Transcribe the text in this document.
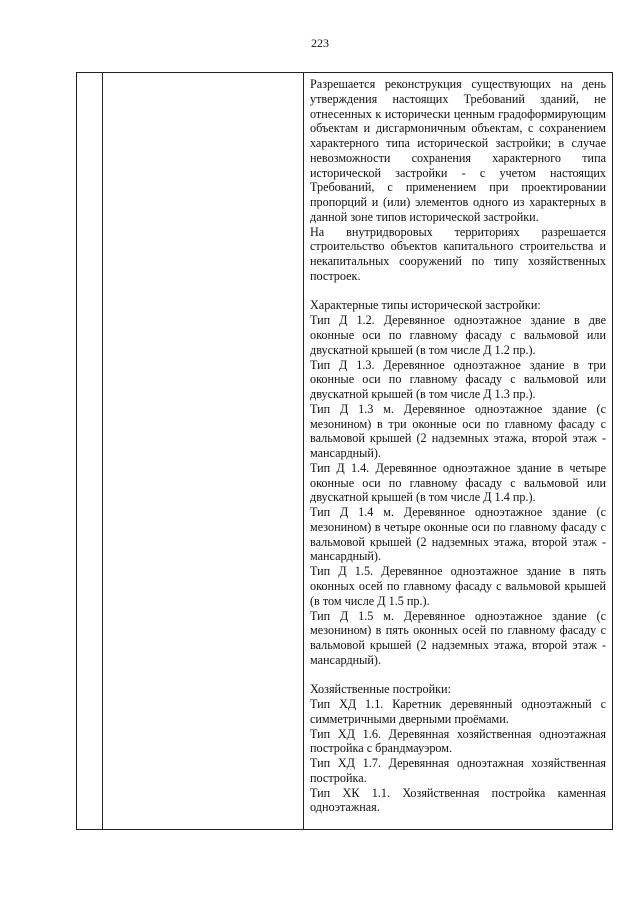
223

Разрешается реконструкция существующих на день утверждения настоящих Требований зданий, не отнесенных к исторически ценным градоформирующим объектам и дисгармоничным объектам, с сохранением характерного типа исторической застройки; в случае невозможности сохранения характерного типа исторической застройки - с учетом настоящих Требований, с применением при проектировании пропорций и (или) элементов одного из характерных в данной зоне типов исторической застройки.

На внутридворовых территориях разрешается строительство объектов капитального строительства и некапитальных сооружений по типу хозяйственных построек.

Характерные типы исторической застройки:

Тип Д 1.2. Деревянное одноэтажное здание в две оконные оси по главному фасаду с вальмовой или двускатной крышей (в том числе Д 1.2 пр.).

Тип Д 1.3. Деревянное одноэтажное здание в три оконные оси по главному фасаду с вальмовой или двускатной крышей (в том числе Д 1.3 пр.).

Тип Д 1.3 м. Деревянное одноэтажное здание (с мезонином) в три оконные оси по главному фасаду с вальмовой крышей (2 надземных этажа, второй этаж - мансардный).

Тип Д 1.4. Деревянное одноэтажное здание в четыре оконные оси по главному фасаду с вальмовой или двускатной крышей (в том числе Д 1.4 пр.).

Тип Д 1.4 м. Деревянное одноэтажное здание (с мезонином) в четыре оконные оси по главному фасаду с вальмовой крышей (2 надземных этажа, второй этаж - мансардный).

Тип Д 1.5. Деревянное одноэтажное здание в пять оконных осей по главному фасаду с вальмовой крышей (в том числе Д 1.5 пр.).

Тип Д 1.5 м. Деревянное одноэтажное здание (с мезонином) в пять оконных осей по главному фасаду с вальмовой крышей (2 надземных этажа, второй этаж - мансардный).

Хозяйственные постройки:

Тип ХД 1.1. Каретник деревянный одноэтажный с симметричными дверными проёмами.

Тип ХД 1.6. Деревянная хозяйственная одноэтажная постройка с брандмауэром.

Тип ХД 1.7. Деревянная одноэтажная хозяйственная постройка.

Тип ХК 1.1. Хозяйственная постройка каменная одноэтажная.
